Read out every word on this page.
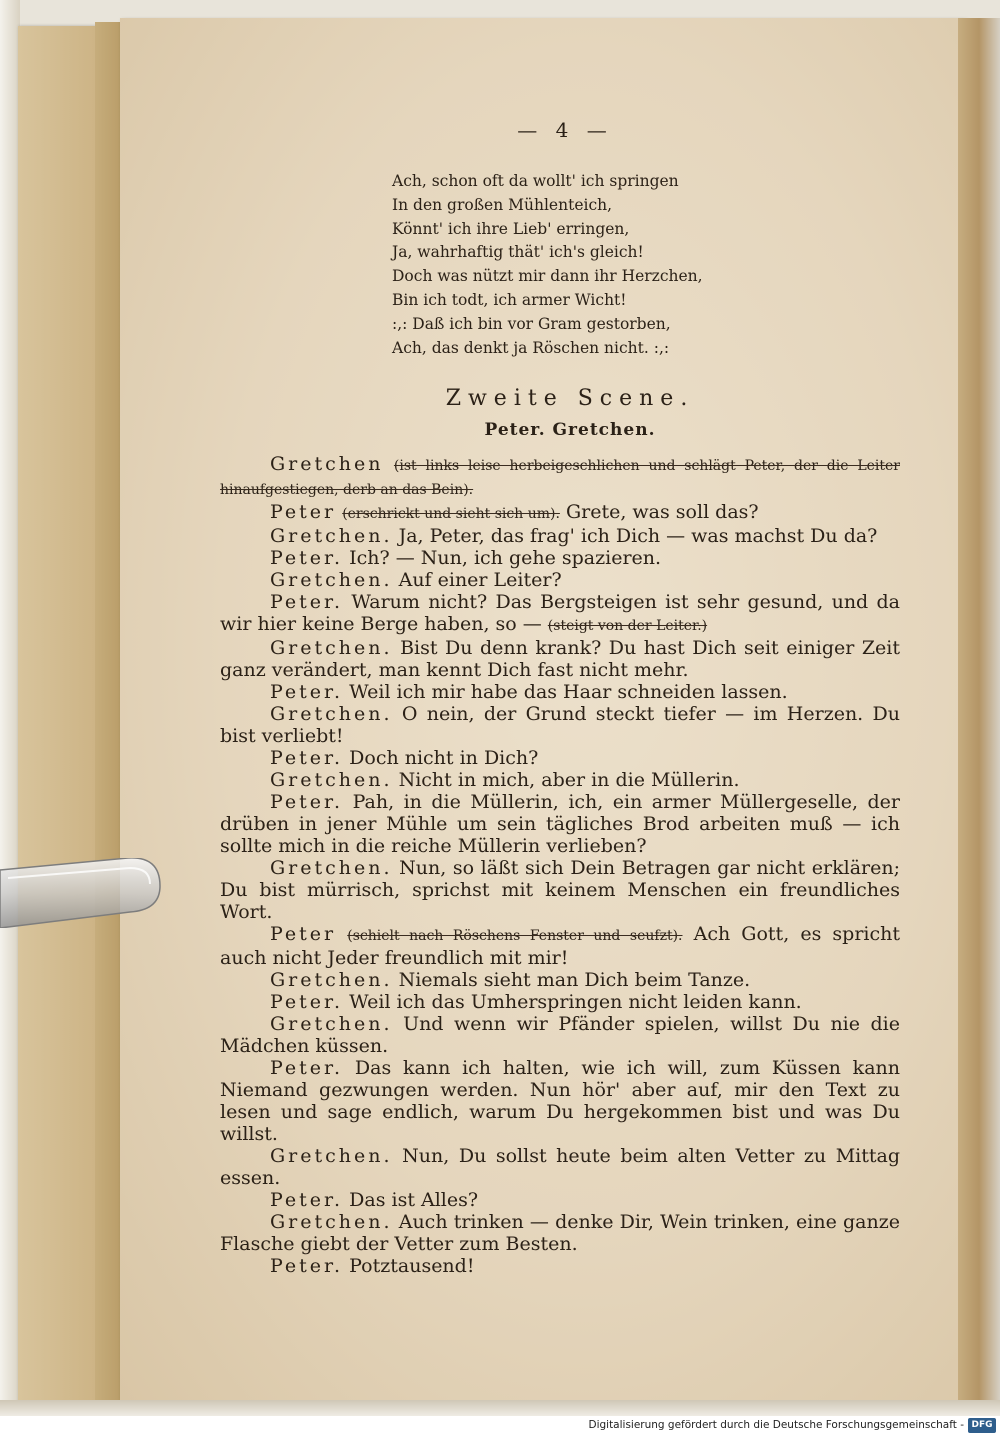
— 4 —
Ach, schon oft da wollt' ich springen
In den großen Mühlenteich,
Könnt' ich ihre Lieb' erringen,
Ja, wahrhaftig thät' ich's gleich!
Doch was nützt mir dann ihr Herzchen,
Bin ich todt, ich armer Wicht!
:,: Daß ich bin vor Gram gestorben,
Ach, das denkt ja Röschen nicht. :,:
Zweite Scene.
Peter. Gretchen.
Gretchen (ist links leise herbeigeschlichen und schlägt Peter, der die Leiter hinaufgestiegen, derb an das Bein).
Peter (erschrickt und sieht sich um). Grete, was soll das?
Gretchen. Ja, Peter, das frag' ich Dich — was machst Du da?
Peter. Ich? — Nun, ich gehe spazieren.
Gretchen. Auf einer Leiter?
Peter. Warum nicht? Das Bergsteigen ist sehr gesund, und da wir hier keine Berge haben, so — (steigt von der Leiter.)
Gretchen. Bist Du denn krank? Du hast Dich seit einiger Zeit ganz verändert, man kennt Dich fast nicht mehr.
Peter. Weil ich mir habe das Haar schneiden lassen.
Gretchen. O nein, der Grund steckt tiefer — im Herzen. Du bist verliebt!
Peter. Doch nicht in Dich?
Gretchen. Nicht in mich, aber in die Müllerin.
Peter. Pah, in die Müllerin, ich, ein armer Müllergeselle, der drüben in jener Mühle um sein tägliches Brod arbeiten muß — ich sollte mich in die reiche Müllerin verlieben?
Gretchen. Nun, so läßt sich Dein Betragen gar nicht erklären; Du bist mürrisch, sprichst mit keinem Menschen ein freundliches Wort.
Peter (schielt nach Röschens Fenster und seufzt). Ach Gott, es spricht auch nicht Jeder freundlich mit mir!
Gretchen. Niemals sieht man Dich beim Tanze.
Peter. Weil ich das Umherspringen nicht leiden kann.
Gretchen. Und wenn wir Pfänder spielen, willst Du nie die Mädchen küssen.
Peter. Das kann ich halten, wie ich will, zum Küssen kann Niemand gezwungen werden. Nun hör' aber auf, mir den Text zu lesen und sage endlich, warum Du hergekommen bist und was Du willst.
Gretchen. Nun, Du sollst heute beim alten Vetter zu Mittag essen.
Peter. Das ist Alles?
Gretchen. Auch trinken — denke Dir, Wein trinken, eine ganze Flasche giebt der Vetter zum Besten.
Peter. Potztausend!
Digitalisierung gefördert durch die Deutsche Forschungsgemeinschaft - DFG
